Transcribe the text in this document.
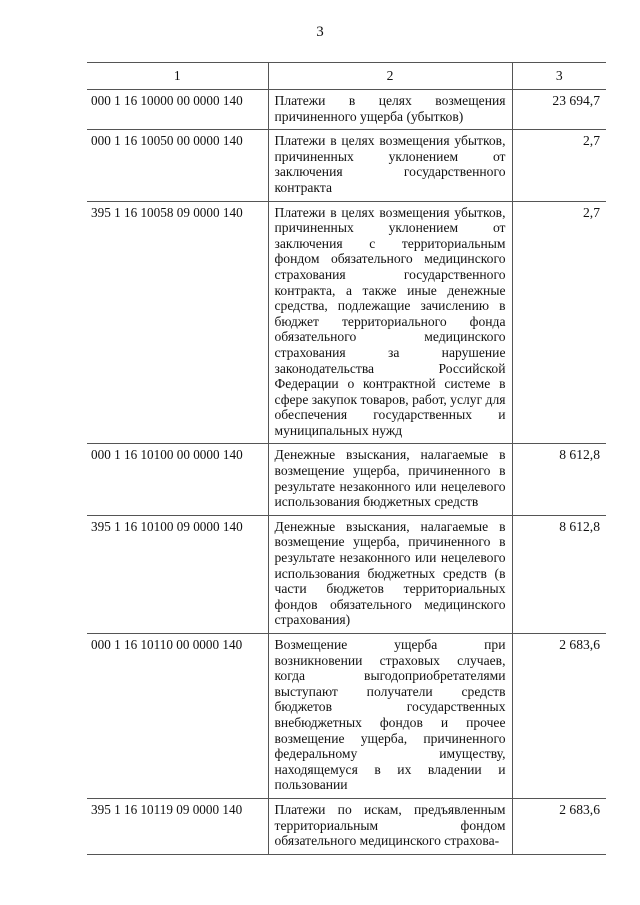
3
1	2	3
000 1 16 10000 00 0000 140	Платежи в целях возмещения причиненного ущерба (убытков)	23 694,7
000 1 16 10050 00 0000 140	Платежи в целях возмещения убытков, причиненных уклонением от заключения государственного контракта	2,7
395 1 16 10058 09 0000 140	Платежи в целях возмещения убытков, причиненных уклонением от заключения с территориальным фондом обязательного медицинского страхования государственного контракта, а также иные денежные средства, подлежащие зачислению в бюджет территориального фонда обязательного медицинского страхования за нарушение законодательства Российской Федерации о контрактной системе в сфере закупок товаров, работ, услуг для обеспечения государственных и муниципальных нужд	2,7
000 1 16 10100 00 0000 140	Денежные взыскания, налагаемые в возмещение ущерба, причиненного в результате незаконного или нецелевого использования бюджетных средств	8 612,8
395 1 16 10100 09 0000 140	Денежные взыскания, налагаемые в возмещение ущерба, причиненного в результате незаконного или нецелевого использования бюджетных средств (в части бюджетов территориальных фондов обязательного медицинского страхования)	8 612,8
000 1 16 10110 00 0000 140	Возмещение ущерба при возникновении страховых случаев, когда выгодоприобретателями выступают получатели средств бюджетов государственных внебюджетных фондов и прочее возмещение ущерба, причиненного федеральному имуществу, находящемуся в их владении и пользовании	2 683,6
395 1 16 10119 09 0000 140	Платежи по искам, предъявленным территориальным фондом обязательного медицинского страхова-	2 683,6
